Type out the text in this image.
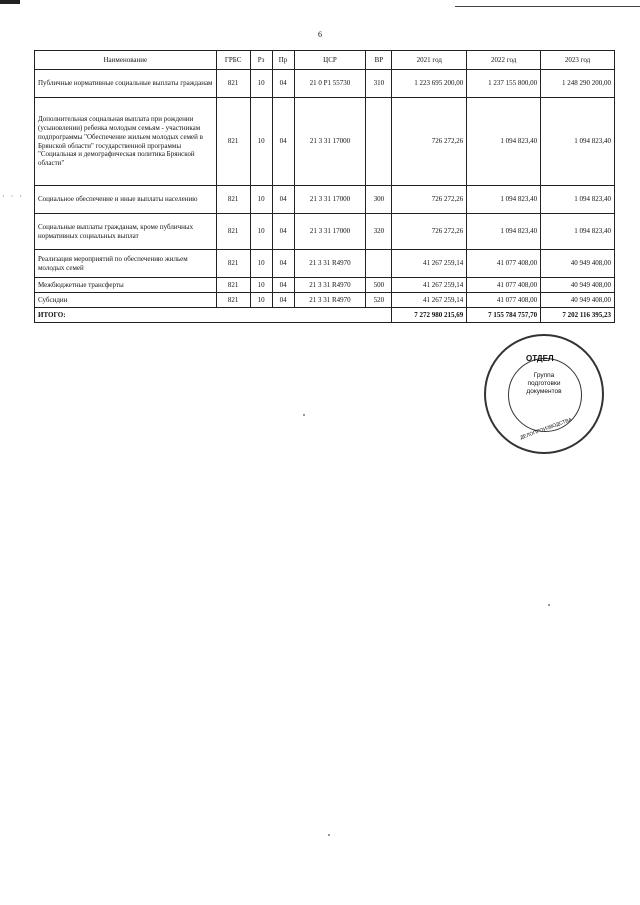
6
· · ·
Наименование	ГРБС	Рз	Пр	ЦСР	ВР	2021 год	2022 год	2023 год
Публичные нормативные социальные выплаты гражданам	821	10	04	21 0 P1 55730	310	1 223 695 200,00	1 237 155 800,00	1 248 290 200,00
Дополнительная социальная выплата при рождении (усыновлении) ребенка молодым семьям - участникам подпрограммы "Обеспечение жильем молодых семей в Брянской области" государственной программы "Социальная и демографическая политика Брянской области"	821	10	04	21 3 31 17000		726 272,26	1 094 823,40	1 094 823,40
Социальное обеспечение и иные выплаты населению	821	10	04	21 3 31 17000	300	726 272,26	1 094 823,40	1 094 823,40
Социальные выплаты гражданам, кроме публичных нормативных социальных выплат	821	10	04	21 3 31 17000	320	726 272,26	1 094 823,40	1 094 823,40
Реализация мероприятий по обеспечению жильем молодых семей	821	10	04	21 3 31 R4970		41 267 259,14	41 077 408,00	40 949 408,00
Межбюджетные трансферты	821	10	04	21 3 31 R4970	500	41 267 259,14	41 077 408,00	40 949 408,00
Субсидии	821	10	04	21 3 31 R4970	520	41 267 259,14	41 077 408,00	40 949 408,00
ИТОГО:						7 272 980 215,69	7 155 784 757,70	7 202 116 395,23
ОТДЕЛ
Группа
подготовки
документов
ДЕЛОПРОИЗВОДСТВА
